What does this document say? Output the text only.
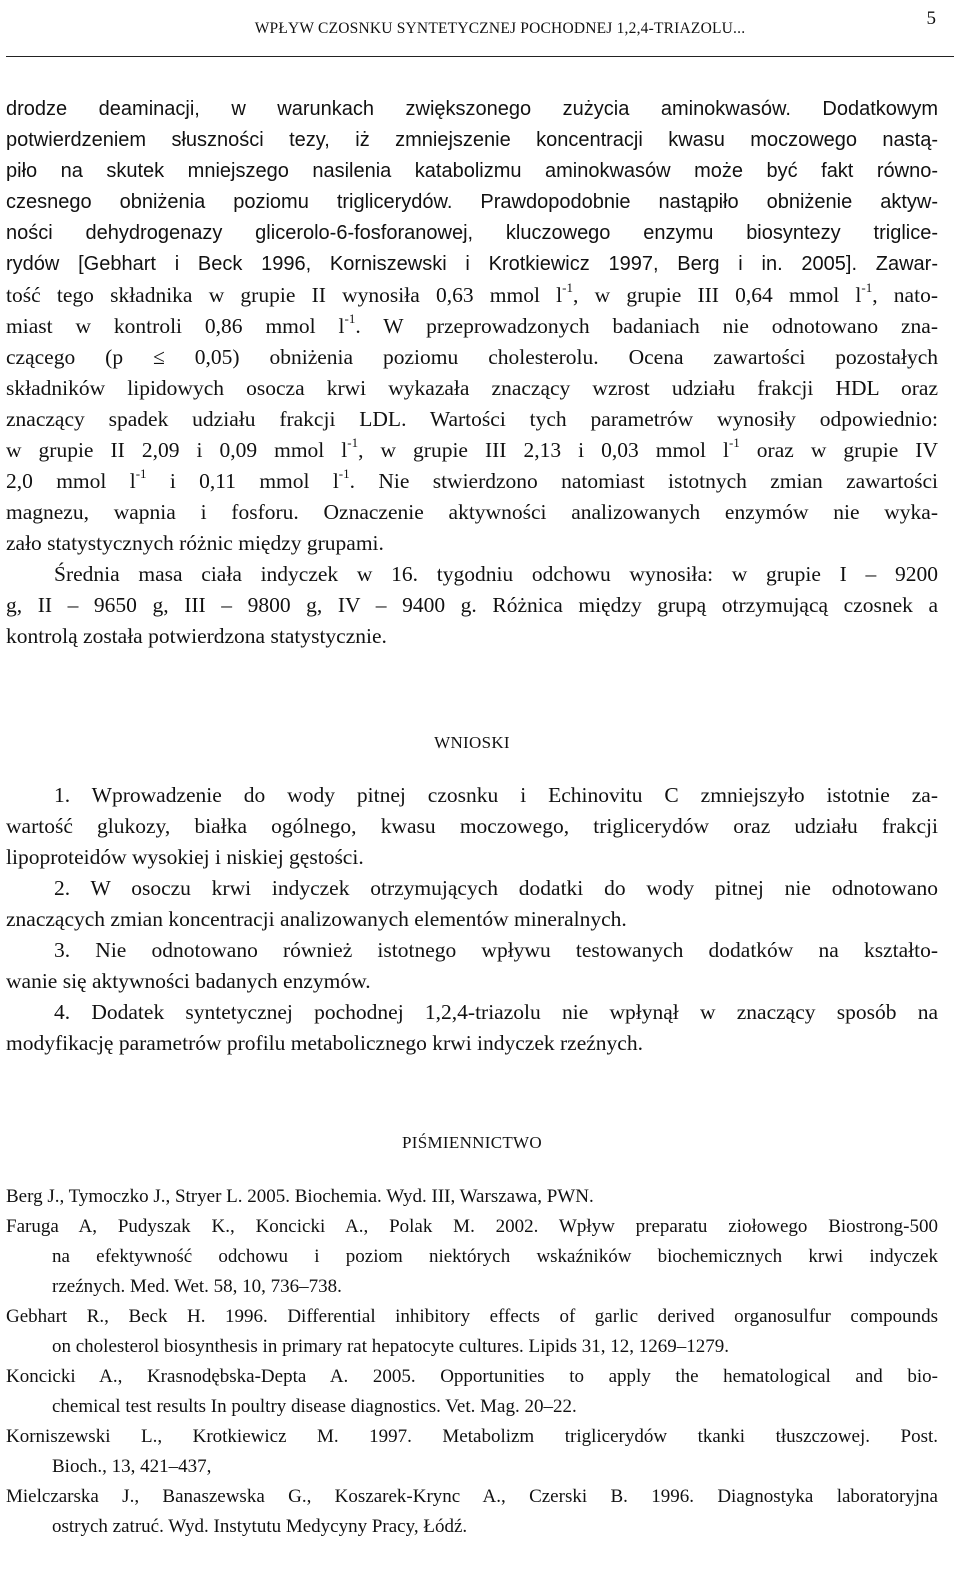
WPŁYW CZOSNKU SYNTETYCZNEJ POCHODNEJ 1,2,4-TRIAZOLU...	5
drodze deaminacji, w warunkach zwiększonego zużycia aminokwasów. Dodatkowym
potwierdzeniem słuszności tezy, iż zmniejszenie koncentracji kwasu moczowego nastą-
piło na skutek mniejszego nasilenia katabolizmu aminokwasów może być fakt równo-
czesnego obniżenia poziomu triglicerydów. Prawdopodobnie nastąpiło obniżenie aktyw-
ności dehydrogenazy glicerolo-6-fosforanowej, kluczowego enzymu biosyntezy triglice-
rydów [Gebhart i Beck 1996, Korniszewski i Krotkiewicz 1997, Berg i in. 2005]. Zawar-
tość tego składnika w grupie II wynosiła 0,63 mmol $l^{-1}$, w grupie III 0,64 mmol $l^{-1}$, nato-
miast w kontroli 0,86 mmol $l^{-1}$. W przeprowadzonych badaniach nie odnotowano zna-
czącego (p ≤ 0,05) obniżenia poziomu cholesterolu. Ocena zawartości pozostałych
składników lipidowych osocza krwi wykazała znaczący wzrost udziału frakcji HDL oraz
znaczący spadek udziału frakcji LDL. Wartości tych parametrów wynosiły odpowiednio:
w grupie II 2,09 i 0,09 mmol $l^{-1}$, w grupie III 2,13 i 0,03 mmol $l^{-1}$ oraz w grupie IV
2,0 mmol $l^{-1}$ i 0,11 mmol $l^{-1}$. Nie stwierdzono natomiast istotnych zmian zawartości
magnezu, wapnia i fosforu. Oznaczenie aktywności analizowanych enzymów nie wyka-
zało statystycznych różnic między grupami.
Średnia masa ciała indyczek w 16. tygodniu odchowu wynosiła: w grupie I – 9200
g, II – 9650 g, III – 9800 g, IV – 9400 g. Różnica między grupą otrzymującą czosnek a
kontrolą została potwierdzona statystycznie.
WNIOSKI
1. Wprowadzenie do wody pitnej czosnku i Echinovitu C zmniejszyło istotnie za-
wartość glukozy, białka ogólnego, kwasu moczowego, triglicerydów oraz udziału frakcji
lipoproteidów wysokiej i niskiej gęstości.
2. W osoczu krwi indyczek otrzymujących dodatki do wody pitnej nie odnotowano
znaczących zmian koncentracji analizowanych elementów mineralnych.
3. Nie odnotowano również istotnego wpływu testowanych dodatków na kształto-
wanie się aktywności badanych enzymów.
4. Dodatek syntetycznej pochodnej 1,2,4-triazolu nie wpłynął w znaczący sposób na
modyfikację parametrów profilu metabolicznego krwi indyczek rzeźnych.
PIŚMIENNICTWO
Berg J., Tymoczko J., Stryer L. 2005. Biochemia. Wyd. III, Warszawa, PWN.
Faruga A, Pudyszak K., Koncicki A., Polak M. 2002. Wpływ preparatu ziołowego Biostrong-500
na efektywność odchowu i poziom niektórych wskaźników biochemicznych krwi indyczek
rzeźnych. Med. Wet. 58, 10, 736–738.
Gebhart R., Beck H. 1996. Differential inhibitory effects of garlic derived organosulfur compounds
on cholesterol biosynthesis in primary rat hepatocyte cultures. Lipids 31, 12, 1269–1279.
Koncicki A., Krasnodębska-Depta A. 2005. Opportunities to apply the hematological and bio-
chemical test results In poultry disease diagnostics. Vet. Mag. 20–22.
Korniszewski L., Krotkiewicz M. 1997. Metabolizm triglicerydów tkanki tłuszczowej. Post.
Bioch., 13, 421–437,
Mielczarska J., Banaszewska G., Koszarek-Krync A., Czerski B. 1996. Diagnostyka laboratoryjna
ostrych zatruć. Wyd. Instytutu Medycyny Pracy, Łódź.
